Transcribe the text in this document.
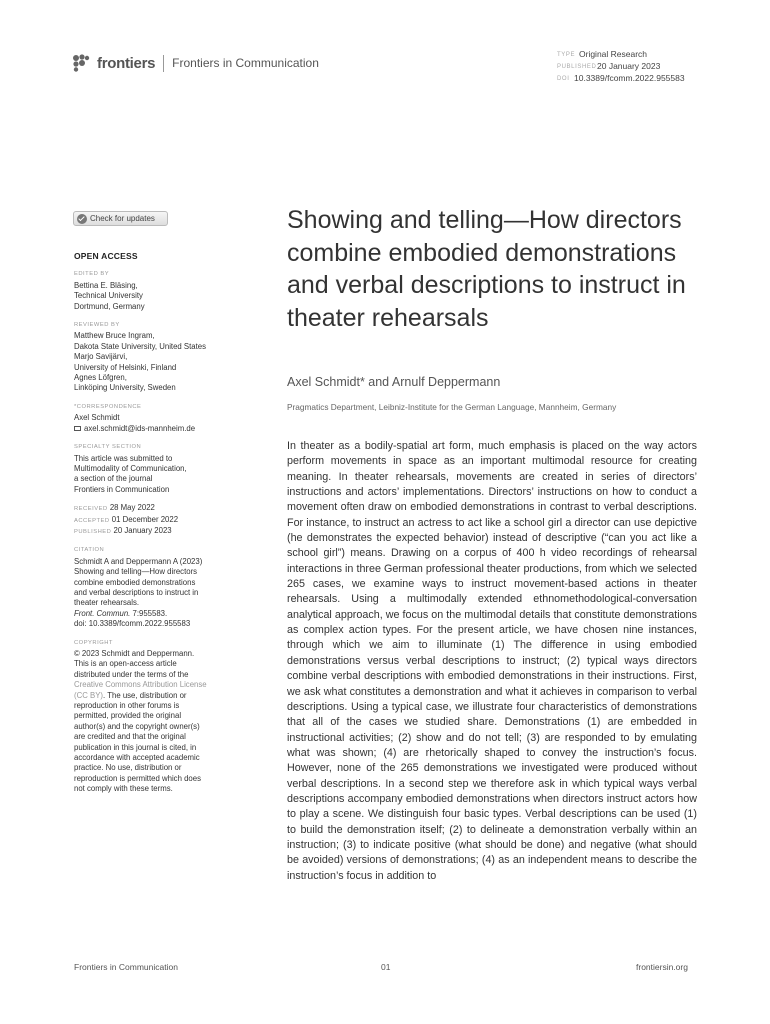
frontiers Frontiers in Communication
TYPE Original Research
PUBLISHED20 January 2023
DOI 10.3389/fcomm.2022.955583
Check for updates
OPEN ACCESS
EDITED BY
Bettina E. Bläsing,
Technical University
Dortmund, Germany
REVIEWED BY
Matthew Bruce Ingram,
Dakota State University, United States
Marjo Savijärvi,
University of Helsinki, Finland
Agnes Löfgren,
Linköping University, Sweden
*CORRESPONDENCE
Axel Schmidt
axel.schmidt@ids-mannheim.de
SPECIALTY SECTION
This article was submitted to
Multimodality of Communication,
a section of the journal
Frontiers in Communication
RECEIVED 28 May 2022
ACCEPTED 01 December 2022
PUBLISHED 20 January 2023
CITATION
Schmidt A and Deppermann A (2023)
Showing and telling—How directors
combine embodied demonstrations
and verbal descriptions to instruct in
theater rehearsals.
Front. Commun. 7:955583.
doi: 10.3389/fcomm.2022.955583
COPYRIGHT
© 2023 Schmidt and Deppermann.
This is an open-access article
distributed under the terms of the
Creative Commons Attribution License
(CC BY). The use, distribution or
reproduction in other forums is
permitted, provided the original
author(s) and the copyright owner(s)
are credited and that the original
publication in this journal is cited, in
accordance with accepted academic
practice. No use, distribution or
reproduction is permitted which does
not comply with these terms.
Showing and telling—How directors combine embodied demonstrations and verbal descriptions to instruct in theater rehearsals
Axel Schmidt* and Arnulf Deppermann
Pragmatics Department, Leibniz-Institute for the German Language, Mannheim, Germany

In theater as a bodily-spatial art form, much emphasis is placed on the way actors perform movements in space as an important multimodal resource for creating meaning. In theater rehearsals, movements are created in series of directors’ instructions and actors’ implementations. Directors’ instructions on how to conduct a movement often draw on embodied demonstrations in contrast to verbal descriptions. For instance, to instruct an actress to act like a school girl a director can use depictive (he demonstrates the expected behavior) instead of descriptive (“can you act like a school girl”) means. Drawing on a corpus of 400 h video recordings of rehearsal interactions in three German professional theater productions, from which we selected 265 cases, we examine ways to instruct movement-based actions in theater rehearsals. Using a multimodally extended ethnomethodological-conversation analytical approach, we focus on the multimodal details that constitute demonstrations as complex action types. For the present article, we have chosen nine instances, through which we aim to illuminate (1) The difference in using embodied demonstrations versus verbal descriptions to instruct; (2) typical ways directors combine verbal descriptions with embodied demonstrations in their instructions. First, we ask what constitutes a demonstration and what it achieves in comparison to verbal descriptions. Using a typical case, we illustrate four characteristics of demonstrations that all of the cases we studied share. Demonstrations (1) are embedded in instructional activities; (2) show and do not tell; (3) are responded to by emulating what was shown; (4) are rhetorically shaped to convey the instruction’s focus. However, none of the 265 demonstrations we investigated were produced without verbal descriptions. In a second step we therefore ask in which typical ways verbal descriptions accompany embodied demonstrations when directors instruct actors how to play a scene. We distinguish four basic types. Verbal descriptions can be used (1) to build the demonstration itself; (2) to delineate a demonstration verbally within an instruction; (3) to indicate positive (what should be done) and negative (what should be avoided) versions of demonstrations; (4) as an independent means to describe the instruction’s focus in addition to

Frontiers in Communication	01	frontiersin.org
